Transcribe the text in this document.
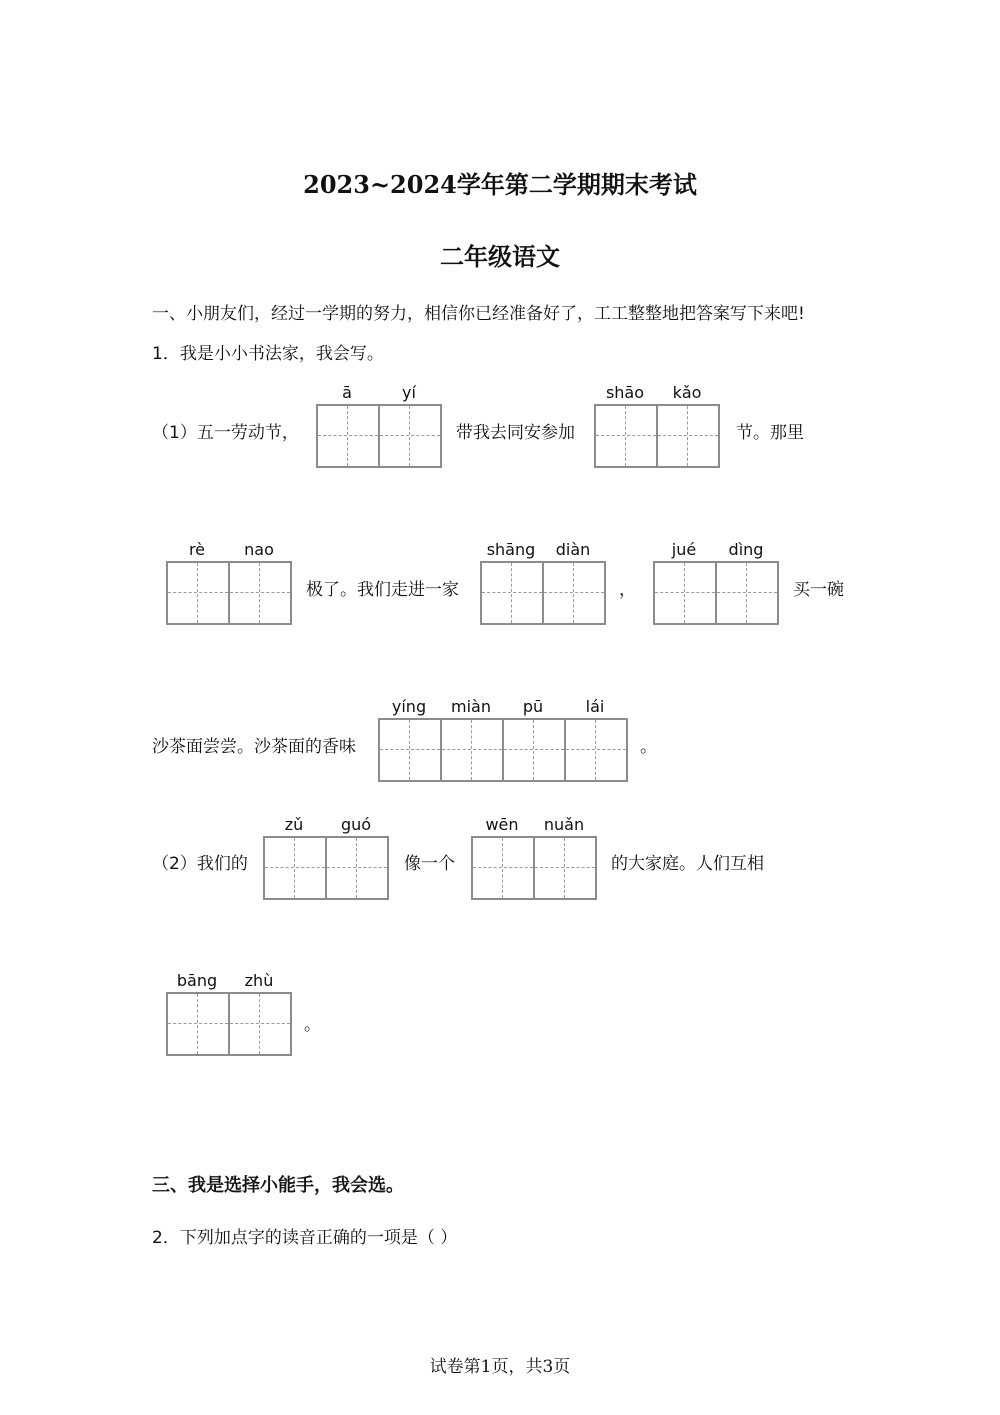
2023~2024学年第二学期期末考试
二年级语文
一、小朋友们，经过一学期的努力，相信你已经准备好了，工工整整地把答案写下来吧!
1．我是小小书法家，我会写。
（1）五一劳动节，
ā	yí
带我去同安参加
shāo	kǎo
节。那里
rè	nao
极了。我们走进一家
shāng	diàn
，
jué	dìng
买一碗
沙茶面尝尝。沙茶面的香味
yíng	miàn	pū	lái
。
（2）我们的
zǔ	guó
像一个
wēn	nuǎn
的大家庭。人们互相
bāng	zhù
。
三、我是选择小能手，我会选。
2．下列加点字的读音正确的一项是（ ）
试卷第1页，共3页
